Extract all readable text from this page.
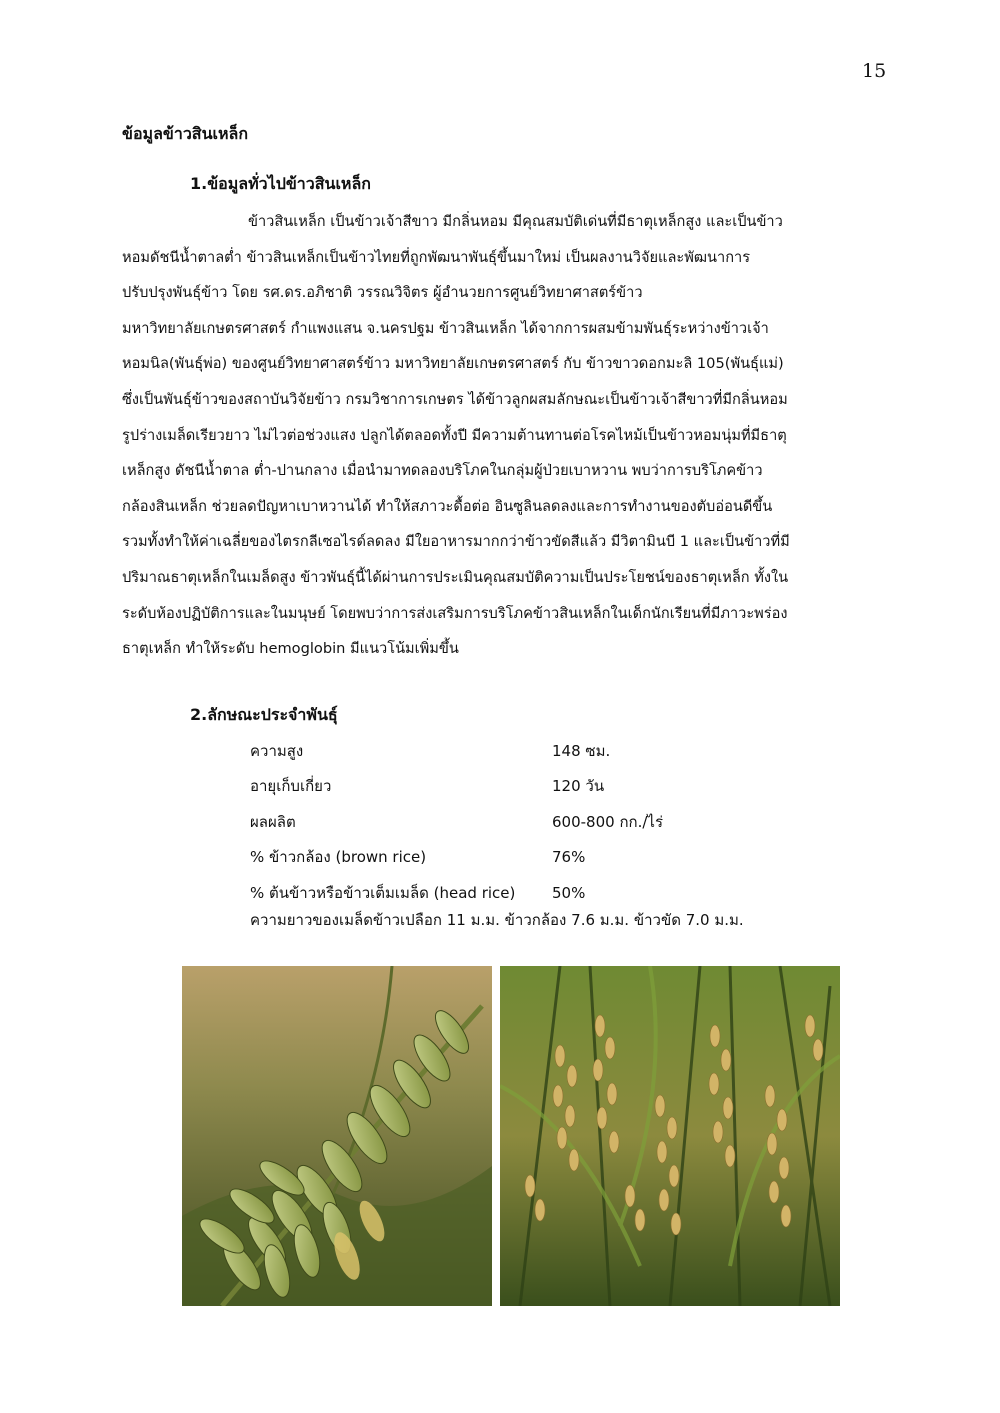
15
ข้อมูลข้าวสินเหล็ก
1.ข้อมูลทั่วไปข้าวสินเหล็ก

ข้าวสินเหล็ก เป็นข้าวเจ้าสีขาว มีกลิ่นหอม มีคุณสมบัติเด่นที่มีธาตุเหล็กสูง และเป็นข้าว
หอมดัชนีน้ำตาลต่ำ ข้าวสินเหล็กเป็นข้าวไทยที่ถูกพัฒนาพันธุ์ขึ้นมาใหม่ เป็นผลงานวิจัยและพัฒนาการ
ปรับปรุงพันธุ์ข้าว โดย รศ.ดร.อภิชาติ วรรณวิจิตร ผู้อำนวยการศูนย์วิทยาศาสตร์ข้าว
มหาวิทยาลัยเกษตรศาสตร์ กำแพงแสน จ.นครปฐม ข้าวสินเหล็ก ได้จากการผสมข้ามพันธุ์ระหว่างข้าวเจ้า
หอมนิล(พันธุ์พ่อ) ของศูนย์วิทยาศาสตร์ข้าว มหาวิทยาลัยเกษตรศาสตร์ กับ ข้าวขาวดอกมะลิ 105(พันธุ์แม่)
ซึ่งเป็นพันธุ์ข้าวของสถาบันวิจัยข้าว กรมวิชาการเกษตร ได้ข้าวลูกผสมลักษณะเป็นข้าวเจ้าสีขาวที่มีกลิ่นหอม
รูปร่างเมล็ดเรียวยาว ไม่ไวต่อช่วงแสง ปลูกได้ตลอดทั้งปี มีความต้านทานต่อโรคไหม้เป็นข้าวหอมนุ่มที่มีธาตุ
เหล็กสูง ดัชนีน้ำตาล ต่ำ-ปานกลาง เมื่อนำมาทดลองบริโภคในกลุ่มผู้ป่วยเบาหวาน พบว่าการบริโภคข้าว
กล้องสินเหล็ก ช่วยลดปัญหาเบาหวานได้ ทำให้สภาวะดื้อต่อ อินซูลินลดลงและการทำงานของตับอ่อนดีขึ้น
รวมทั้งทำให้ค่าเฉลี่ยของไตรกลีเซอไรด์ลดลง มีใยอาหารมากกว่าข้าวขัดสีแล้ว มีวิตามินบี 1 และเป็นข้าวที่มี
ปริมาณธาตุเหล็กในเมล็ดสูง ข้าวพันธุ์นี้ได้ผ่านการประเมินคุณสมบัติความเป็นประโยชน์ของธาตุเหล็ก ทั้งใน
ระดับห้องปฏิบัติการและในมนุษย์ โดยพบว่าการส่งเสริมการบริโภคข้าวสินเหล็กในเด็กนักเรียนที่มีภาวะพร่อง
ธาตุเหล็ก ทำให้ระดับ hemoglobin มีแนวโน้มเพิ่มขึ้น

2.ลักษณะประจำพันธุ์
ความสูง	148 ซม.
อายุเก็บเกี่ยว	120 วัน
ผลผลิต	600-800 กก./ไร่
% ข้าวกล้อง (brown rice)	76%
% ต้นข้าวหรือข้าวเต็มเมล็ด (head rice)	50%

ความยาวของเมล็ดข้าวเปลือก 11 ม.ม. ข้าวกล้อง 7.6 ม.ม. ข้าวขัด 7.0 ม.ม.
